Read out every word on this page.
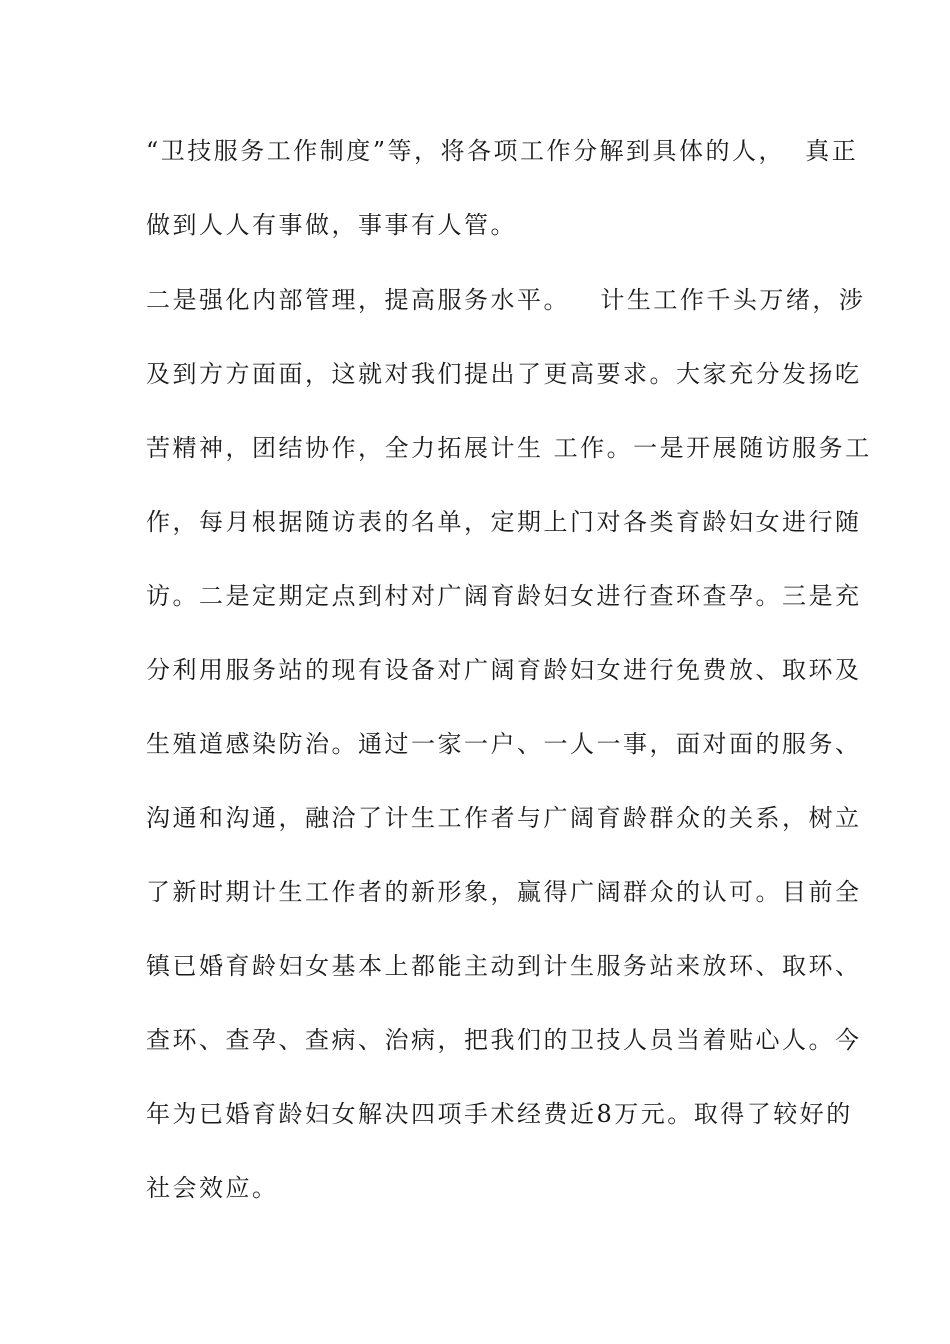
“卫技服务工作制度”等，将各项工作分解到具体的人，  真正
做到人人有事做，事事有人管。
二是强化内部管理，提高服务水平。   计生工作千头万绪，涉
及到方方面面，这就对我们提出了更高要求。大家充分发扬吃
苦精神，团结协作，全力拓展计生 工作。一是开展随访服务工
作，每月根据随访表的名单，定期上门对各类育龄妇女进行随
访。二是定期定点到村对广阔育龄妇女进行查环查孕。三是充
分利用服务站的现有设备对广阔育龄妇女进行免费放、取环及
生殖道感染防治。通过一家一户、一人一事，面对面的服务、
沟通和沟通，融洽了计生工作者与广阔育龄群众的关系，树立
了新时期计生工作者的新形象，赢得广阔群众的认可。目前全
镇已婚育龄妇女基本上都能主动到计生服务站来放环、取环、
查环、查孕、查病、治病，把我们的卫技人员当着贴心人。今
年为已婚育龄妇女解决四项手术经费近8万元。取得了较好的
社会效应。
